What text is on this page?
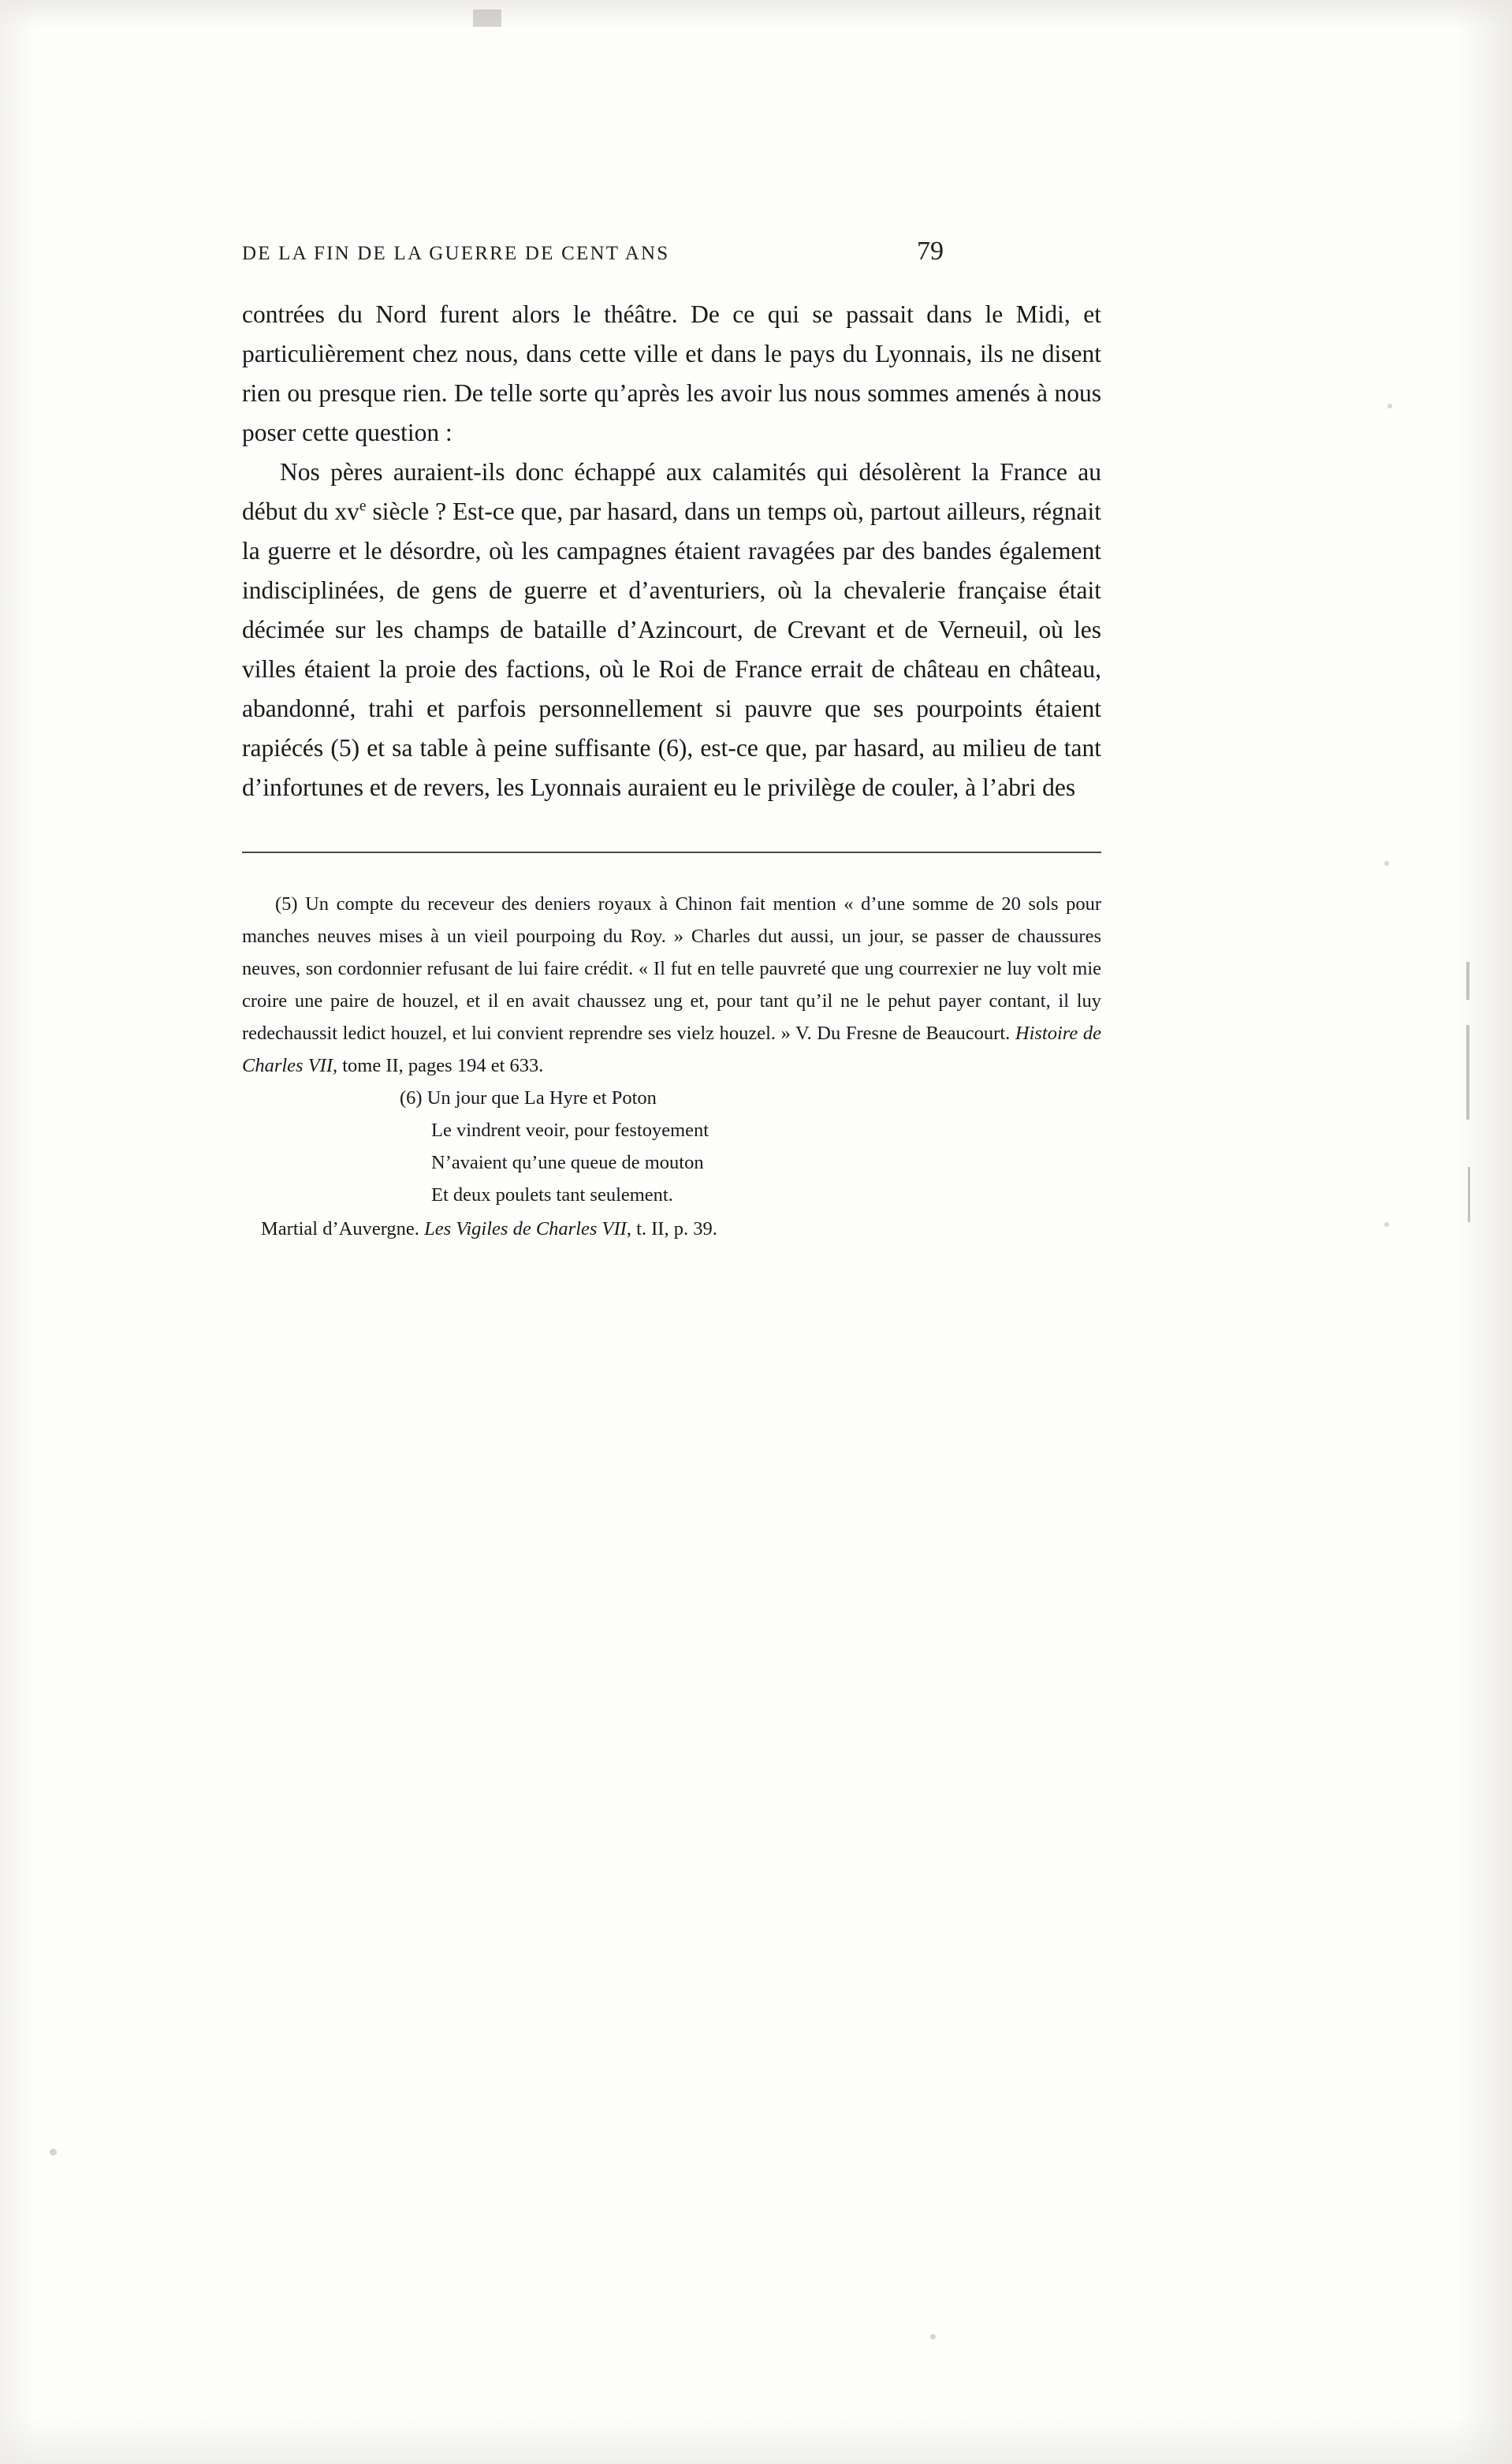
DE LA FIN DE LA GUERRE DE CENT ANS	79

contrées du Nord furent alors le théâtre. De ce qui se passait dans le Midi, et particulièrement chez nous, dans cette ville et dans le pays du Lyonnais, ils ne disent rien ou presque rien. De telle sorte qu’après les avoir lus nous sommes amenés à nous poser cette question :

Nos pères auraient-ils donc échappé aux calamités qui désolèrent la France au début du $xv^e$ siècle ? Est-ce que, par hasard, dans un temps où, partout ailleurs, régnait la guerre et le désordre, où les campagnes étaient ravagées par des bandes également indisciplinées, de gens de guerre et d’aventuriers, où la chevalerie française était décimée sur les champs de bataille d’Azincourt, de Crevant et de Verneuil, où les villes étaient la proie des factions, où le Roi de France errait de château en château, abandonné, trahi et parfois personnellement si pauvre que ses pourpoints étaient rapiécés (5) et sa table à peine suffisante (6), est-ce que, par hasard, au milieu de tant d’infortunes et de revers, les Lyonnais auraient eu le privilège de couler, à l’abri des

(5) Un compte du receveur des deniers royaux à Chinon fait mention « d’une somme de 20 sols pour manches neuves mises à un vieil pourpoing du Roy. » Charles dut aussi, un jour, se passer de chaussures neuves, son cordonnier refusant de lui faire crédit. « Il fut en telle pauvreté que ung courrexier ne luy volt mie croire une paire de houzel, et il en avait chaussez ung et, pour tant qu’il ne le pehut payer contant, il luy redechaussit ledict houzel, et lui convient reprendre ses vielz houzel. » V. Du Fresne de Beaucourt. Histoire de Charles VII, tome II, pages 194 et 633.

(6) Un jour que La Hyre et Poton
Le vindrent veoir, pour festoyement
N’avaient qu’une queue de mouton
Et deux poulets tant seulement.
Martial d’Auvergne. Les Vigiles de Charles VII, t. II, p. 39.
